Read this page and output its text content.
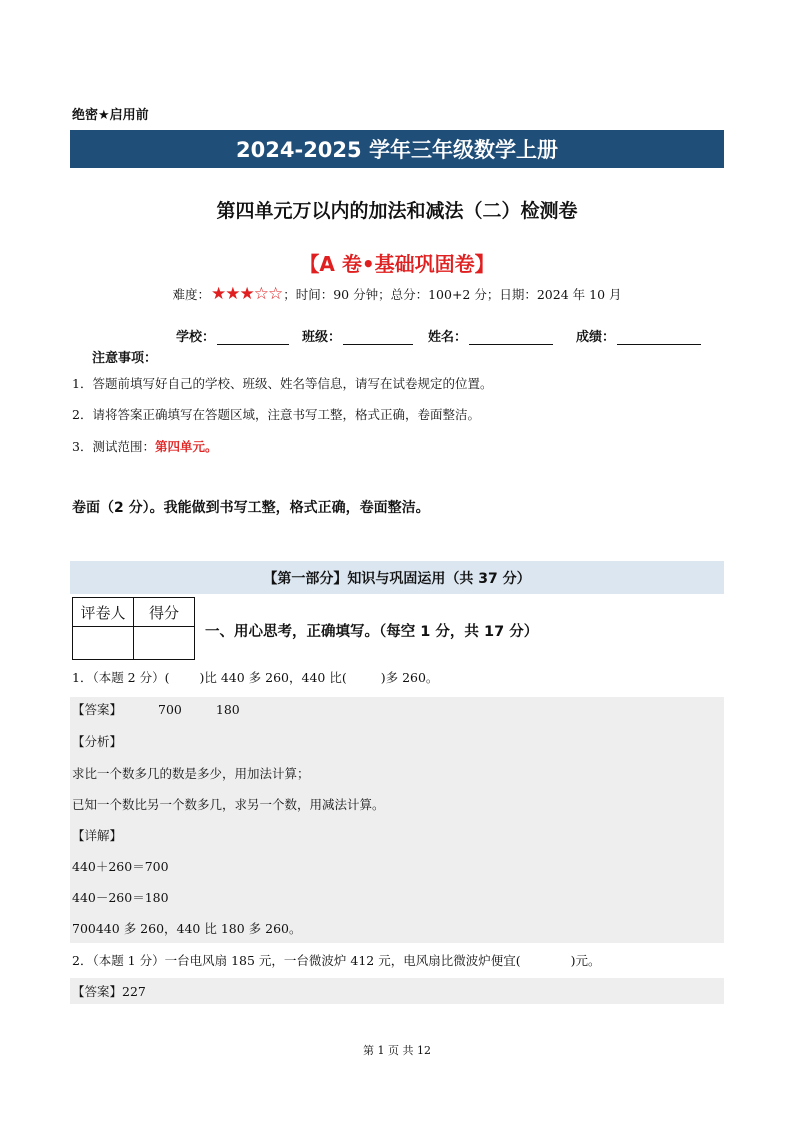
绝密★启用前
2024-2025 学年三年级数学上册
第四单元万以内的加法和减法（二）检测卷
【A 卷•基础巩固卷】
难度： ★★★☆☆ ；时间：90 分钟；总分：100+2 分；日期：2024 年 10 月
学校：	班级：	姓名：	成绩：
注意事项：
1．答题前填写好自己的学校、班级、姓名等信息，请写在试卷规定的位置。
2．请将答案正确填写在答题区域，注意书写工整，格式正确，卷面整洁。
3．测试范围：第四单元。
卷面（2 分）。我能做到书写工整，格式正确，卷面整洁。
【第一部分】知识与巩固运用（共 37 分）
评卷人	得分

一、用心思考，正确填写。（每空 1 分，共 17 分）
1．（本题 2 分）( )比 440 多 260，440 比(	)多 260。
【答案】	700	180
【分析】
求比一个数多几的数是多少，用加法计算；
已知一个数比另一个数多几，求另一个数，用减法计算。
【详解】
440＋260＝700
440－260＝180
700440 多 260，440 比 180 多 260。
2．（本题 1 分）一台电风扇 185 元，一台微波炉 412 元，电风扇比微波炉便宜(	)元。
【答案】227
第 1 页 共 12
